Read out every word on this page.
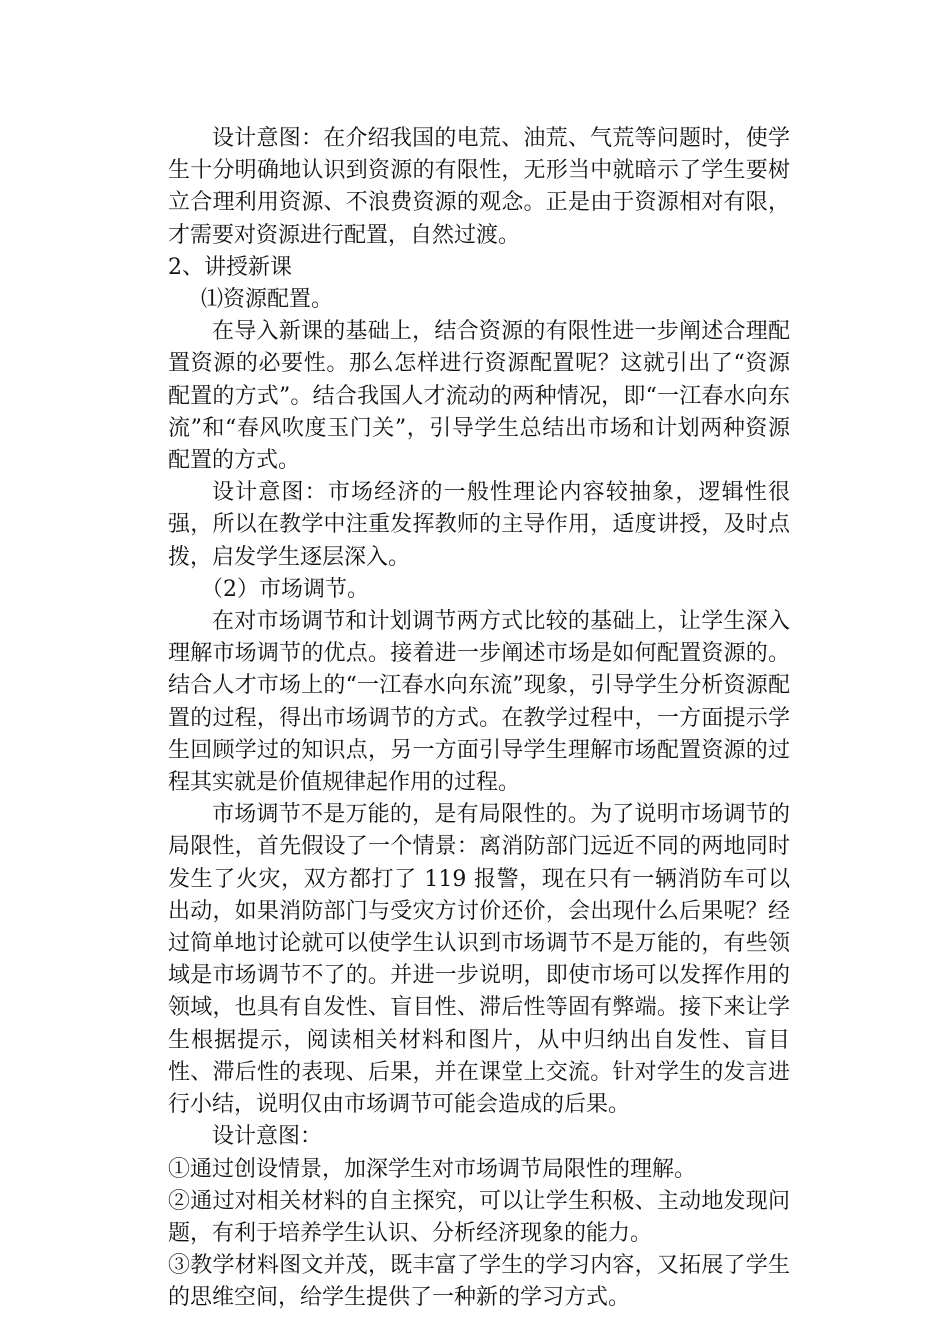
设计意图：在介绍我国的电荒、油荒、气荒等问题时，使学生十分明确地认识到资源的有限性，无形当中就暗示了学生要树立合理利用资源、不浪费资源的观念。正是由于资源相对有限，才需要对资源进行配置，自然过渡。

2、讲授新课

⑴资源配置。

在导入新课的基础上，结合资源的有限性进一步阐述合理配置资源的必要性。那么怎样进行资源配置呢？这就引出了“资源配置的方式”。结合我国人才流动的两种情况，即“一江春水向东流”和“春风吹度玉门关”，引导学生总结出市场和计划两种资源配置的方式。

设计意图：市场经济的一般性理论内容较抽象，逻辑性很强，所以在教学中注重发挥教师的主导作用，适度讲授，及时点拨，启发学生逐层深入。

（2）市场调节。

在对市场调节和计划调节两方式比较的基础上，让学生深入理解市场调节的优点。接着进一步阐述市场是如何配置资源的。结合人才市场上的“一江春水向东流”现象，引导学生分析资源配置的过程，得出市场调节的方式。在教学过程中，一方面提示学生回顾学过的知识点，另一方面引导学生理解市场配置资源的过程其实就是价值规律起作用的过程。

市场调节不是万能的，是有局限性的。为了说明市场调节的局限性，首先假设了一个情景：离消防部门远近不同的两地同时发生了火灾，双方都打了 119 报警，现在只有一辆消防车可以出动，如果消防部门与受灾方讨价还价，会出现什么后果呢？经过简单地讨论就可以使学生认识到市场调节不是万能的，有些领域是市场调节不了的。并进一步说明，即使市场可以发挥作用的领域，也具有自发性、盲目性、滞后性等固有弊端。接下来让学生根据提示，阅读相关材料和图片，从中归纳出自发性、盲目性、滞后性的表现、后果，并在课堂上交流。针对学生的发言进行小结，说明仅由市场调节可能会造成的后果。

设计意图：

①通过创设情景，加深学生对市场调节局限性的理解。

②通过对相关材料的自主探究，可以让学生积极、主动地发现问题，有利于培养学生认识、分析经济现象的能力。

③教学材料图文并茂，既丰富了学生的学习内容，又拓展了学生的思维空间，给学生提供了一种新的学习方式。
